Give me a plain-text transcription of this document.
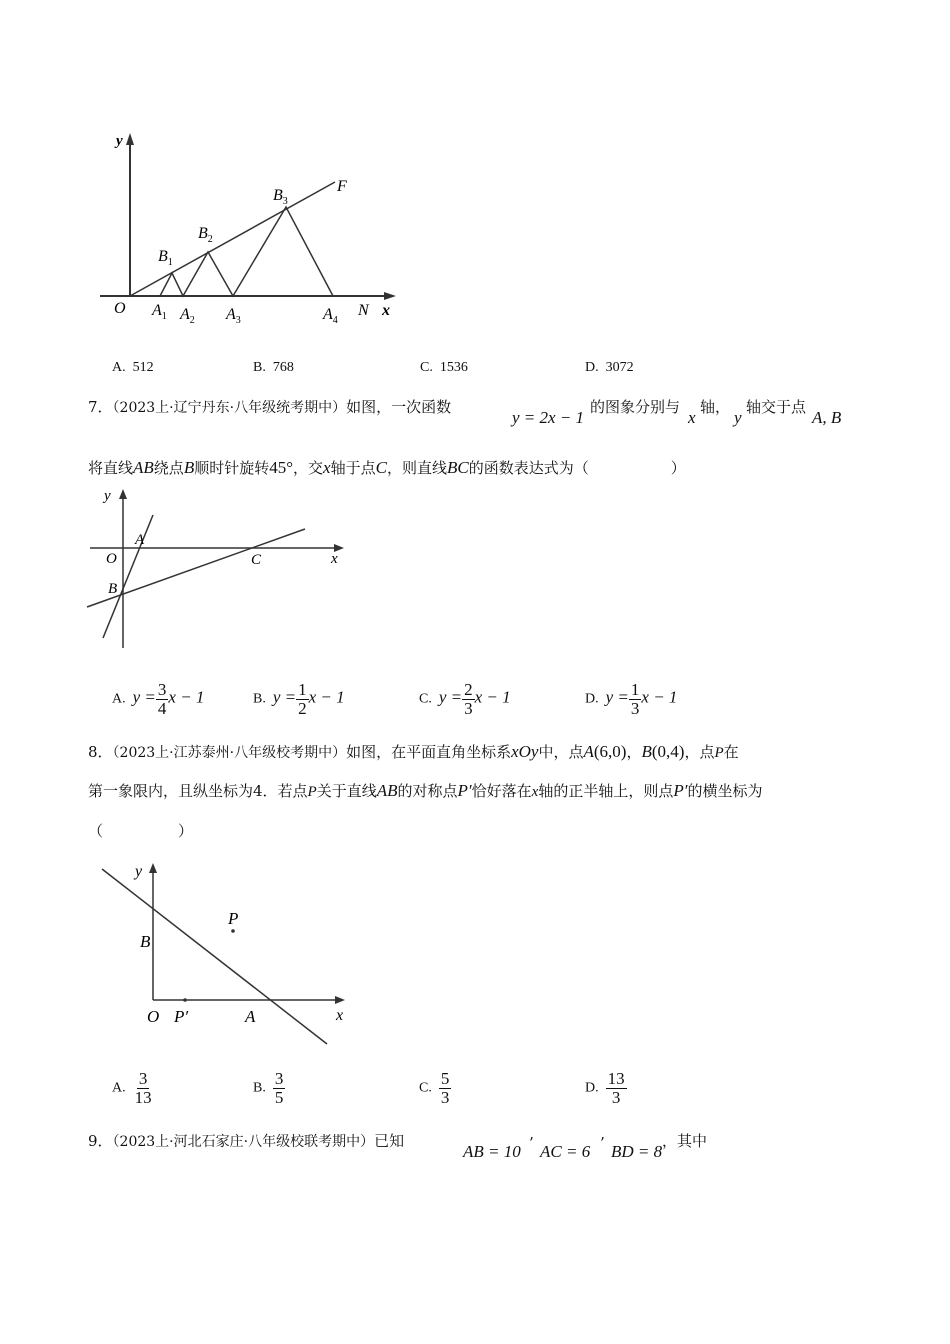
y
O
F
N x
$B_1$
$B_2$
$B_3$
$A_1$ $A_2$ $A_3$	$A_4$
A. 512	B. 768	C. 1536	D. 3072
7．（2023上·辽宁丹东·八年级统考期中）如图，一次函数
y = 2x − 1
的图象分别与
x
轴，
y
轴交于点
A, B
将直线AB绕点B顺时针旋转45°，交x轴于点C，则直线BC的函数表达式为（	）
y
A
O	C	x
B
A. $y = \frac{3}{4}$ x − 1	B. $y = \frac{1}{2}$ x − 1	C. $y = \frac{2}{3}$ x − 1	D. $y = \frac{1}{3}$ x − 1
8．（2023上·江苏泰州·八年级校考期中）如图，在平面直角坐标系xOy中，点A(6,0)，B(0,4)，点P在
第一象限内，且纵坐标为4．若点P关于直线AB的对称点P′恰好落在x轴的正半轴上，则点P′的横坐标为
（　　　　　）
y
P
B
O P′	A	x
A. $\frac{3}{13}$	B. $\frac{3}{5}$	C. $\frac{5}{3}$	D. $\frac{13}{3}$
9．（2023上·河北石家庄·八年级校联考期中）已知
AB = 10 ’ AC = 6 ’ BD = 8
，其中
